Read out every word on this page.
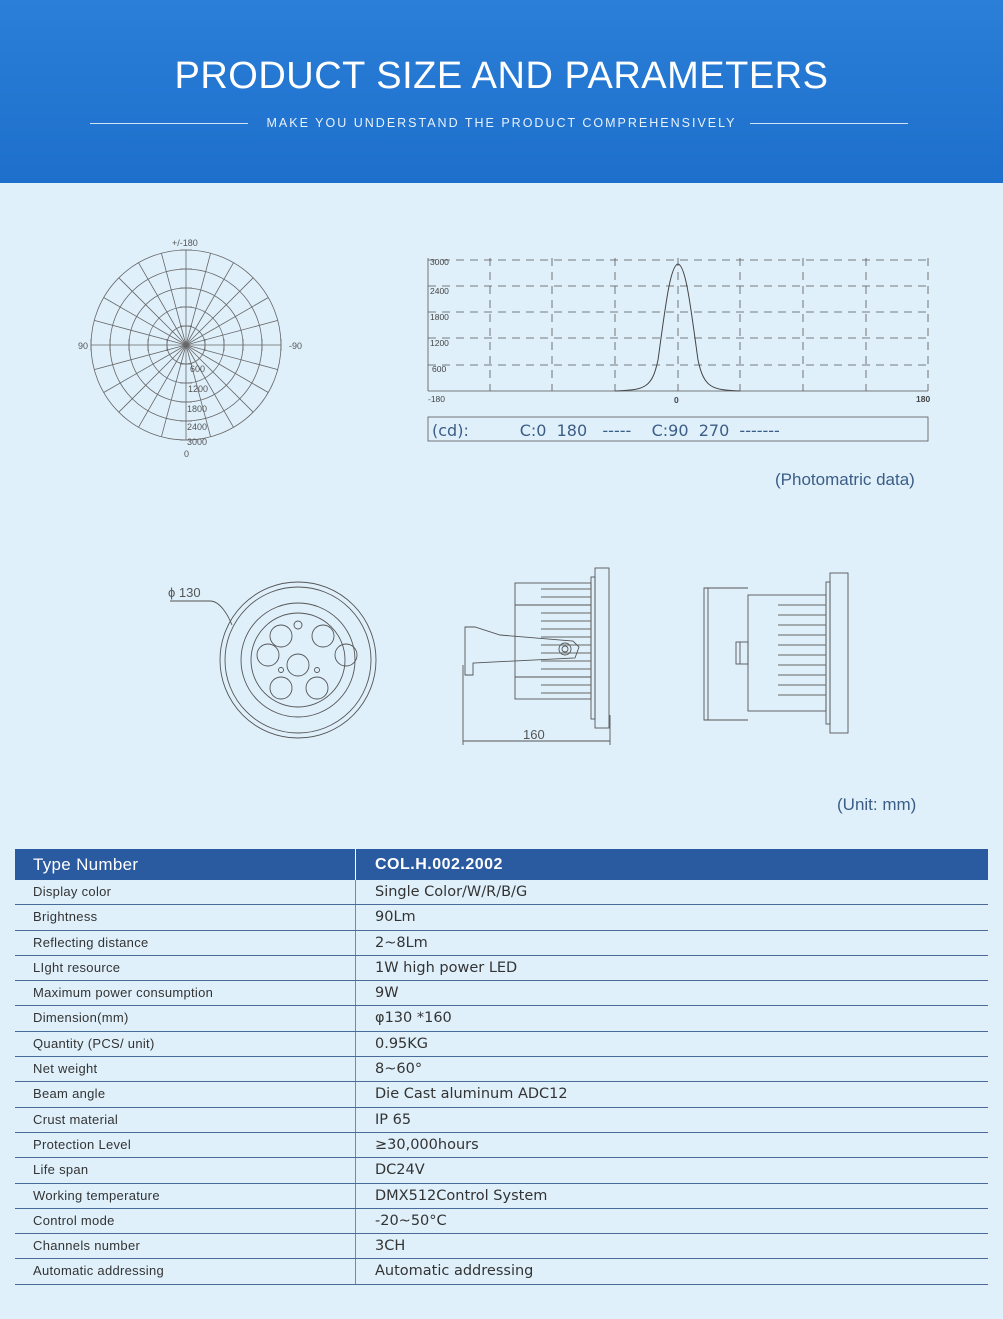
PRODUCT SIZE AND PARAMETERS
MAKE YOU UNDERSTAND THE PRODUCT COMPREHENSIVELY
+/-180
90	-90
0
600
1200
1800
2400
3000
3000
2400
1800
1200
600
-180	0	180
(cd):          C:0  180   -----    C:90  270  -------
(Photomatric data)
ϕ 130
160
(Unit: mm)
Type Number	COL.H.002.2002
Display color	Single Color/W/R/B/G
Brightness	90Lm
Reflecting distance	2~8Lm
LIght resource	1W high power LED
Maximum power consumption	9W
Dimension(mm)	φ130 *160
Quantity (PCS/ unit)	0.95KG
Net weight	8~60°
Beam angle	Die Cast aluminum ADC12
Crust material	IP 65
Protection Level	≥30,000hours
Life span	DC24V
Working temperature	DMX512Control System
Control mode	-20~50°C
Channels number	3CH
Automatic addressing	Automatic addressing
